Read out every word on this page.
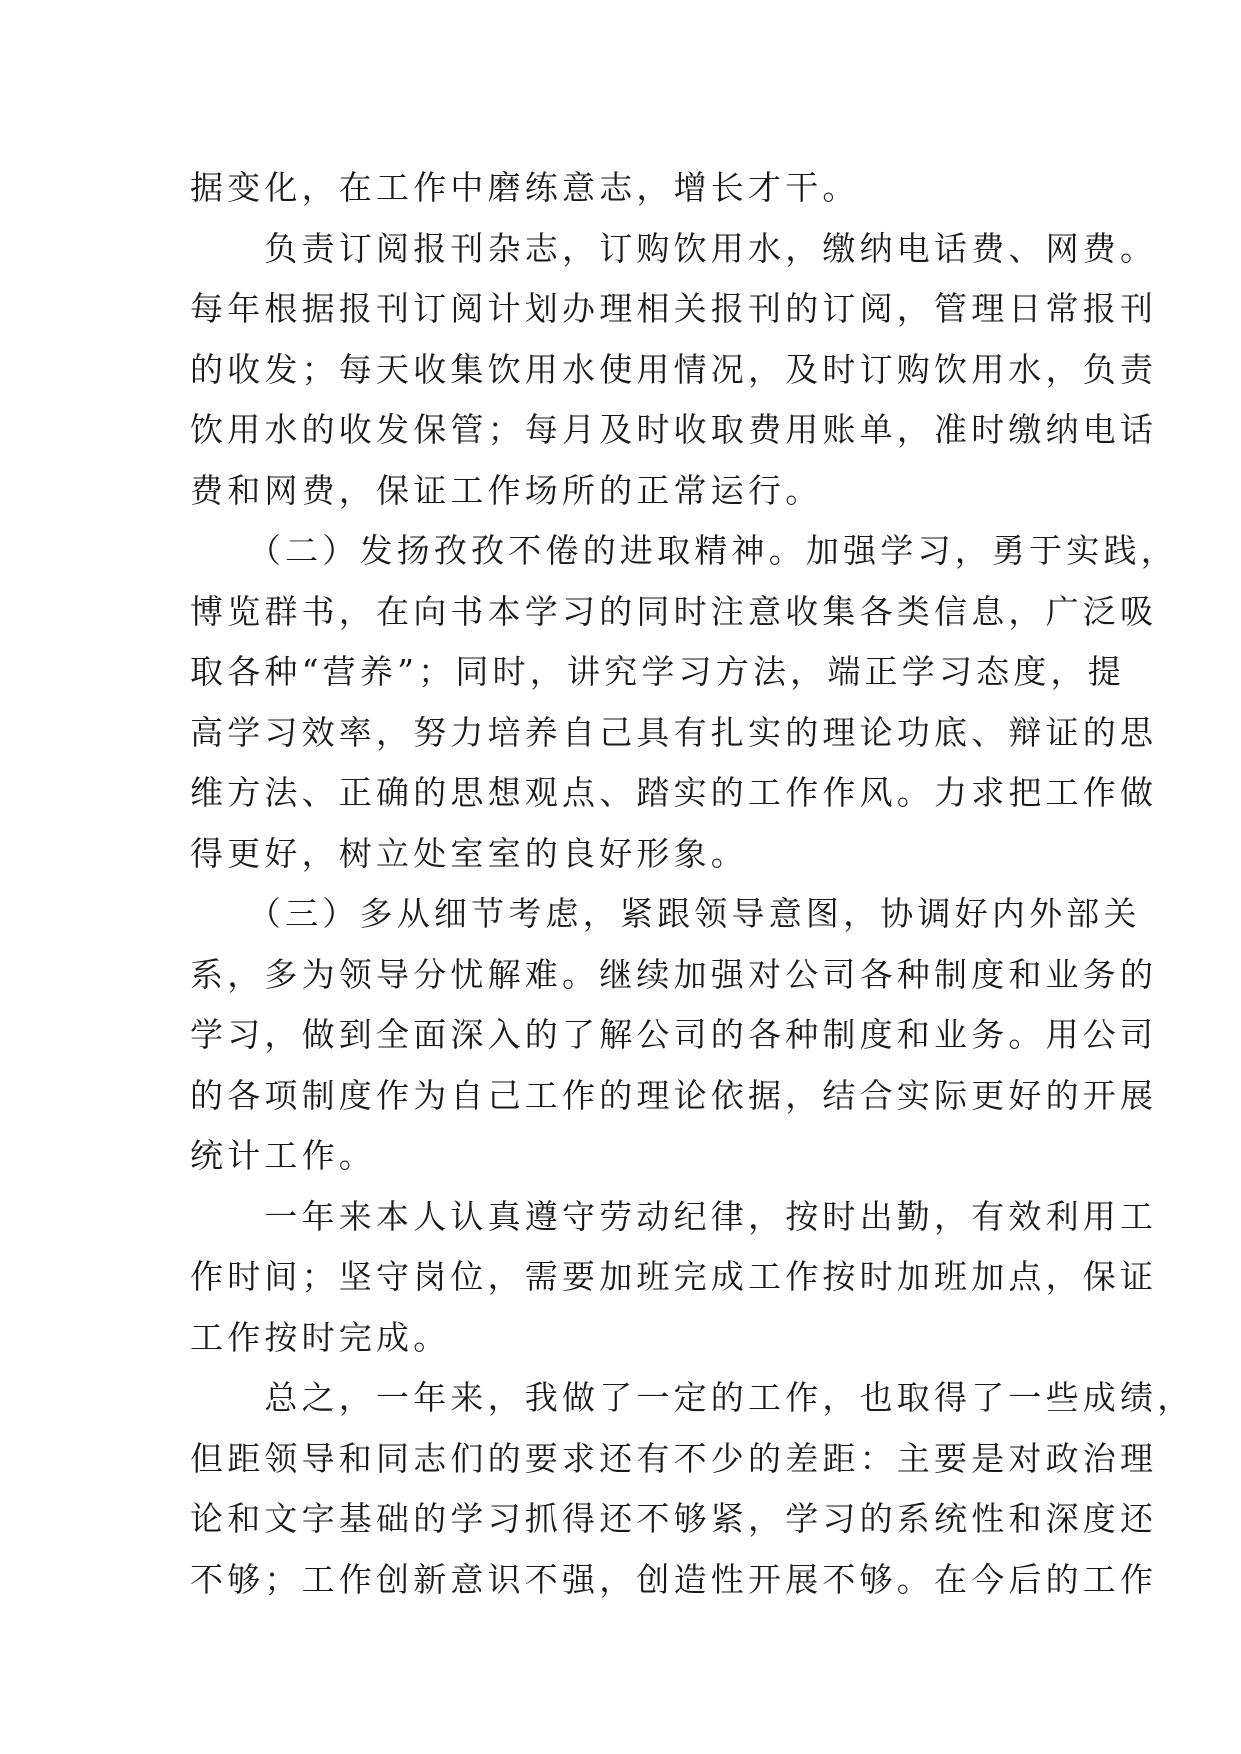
据变化，在工作中磨练意志，增长才干。
　　负责订阅报刊杂志，订购饮用水，缴纳电话费、网费。
每年根据报刊订阅计划办理相关报刊的订阅，管理日常报刊
的收发；每天收集饮用水使用情况，及时订购饮用水，负责
饮用水的收发保管；每月及时收取费用账单，准时缴纳电话
费和网费，保证工作场所的正常运行。
　　（二）发扬孜孜不倦的进取精神。加强学习，勇于实践，
博览群书，在向书本学习的同时注意收集各类信息，广泛吸
取各种“营养”；同时，讲究学习方法，端正学习态度，提
高学习效率，努力培养自己具有扎实的理论功底、辩证的思
维方法、正确的思想观点、踏实的工作作风。力求把工作做
得更好，树立处室室的良好形象。
　　（三）多从细节考虑，紧跟领导意图，协调好内外部关
系，多为领导分忧解难。继续加强对公司各种制度和业务的
学习，做到全面深入的了解公司的各种制度和业务。用公司
的各项制度作为自己工作的理论依据，结合实际更好的开展
统计工作。
　　一年来本人认真遵守劳动纪律，按时出勤，有效利用工
作时间；坚守岗位，需要加班完成工作按时加班加点，保证
工作按时完成。
　　总之，一年来，我做了一定的工作，也取得了一些成绩，
但距领导和同志们的要求还有不少的差距：主要是对政治理
论和文字基础的学习抓得还不够紧，学习的系统性和深度还
不够；工作创新意识不强，创造性开展不够。在今后的工作
